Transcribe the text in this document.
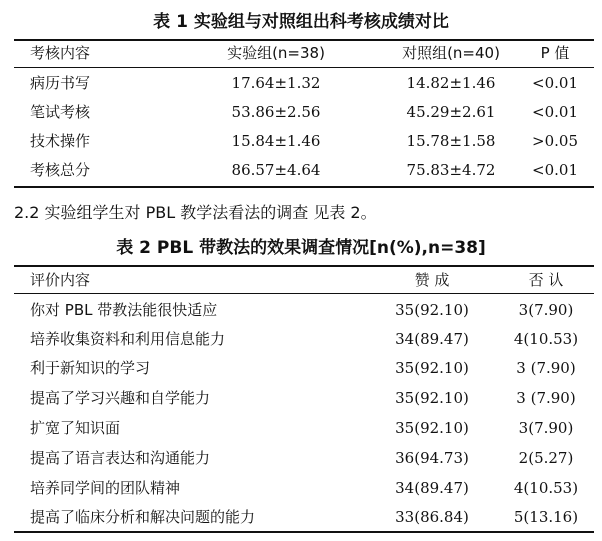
表 1 实验组与对照组出科考核成绩对比
考核内容	实验组(n=38)	对照组(n=40)	P 值
病历书写	17.64±1.32	14.82±1.46	<0.01
笔试考核	53.86±2.56	45.29±2.61	<0.01
技术操作	15.84±1.46	15.78±1.58	>0.05
考核总分	86.57±4.64	75.83±4.72	<0.01
2.2 实验组学生对 PBL 教学法看法的调查 见表 2。
表 2 PBL 带教法的效果调查情况[n(%),n=38]
评价内容	赞 成	否 认
你对 PBL 带教法能很快适应	35(92.10)	3(7.90)
培养收集资料和利用信息能力	34(89.47)	4(10.53)
利于新知识的学习	35(92.10)	3 (7.90)
提高了学习兴趣和自学能力	35(92.10)	3 (7.90)
扩宽了知识面	35(92.10)	3(7.90)
提高了语言表达和沟通能力	36(94.73)	2(5.27)
培养同学间的团队精神	34(89.47)	4(10.53)
提高了临床分析和解决问题的能力	33(86.84)	5(13.16)
